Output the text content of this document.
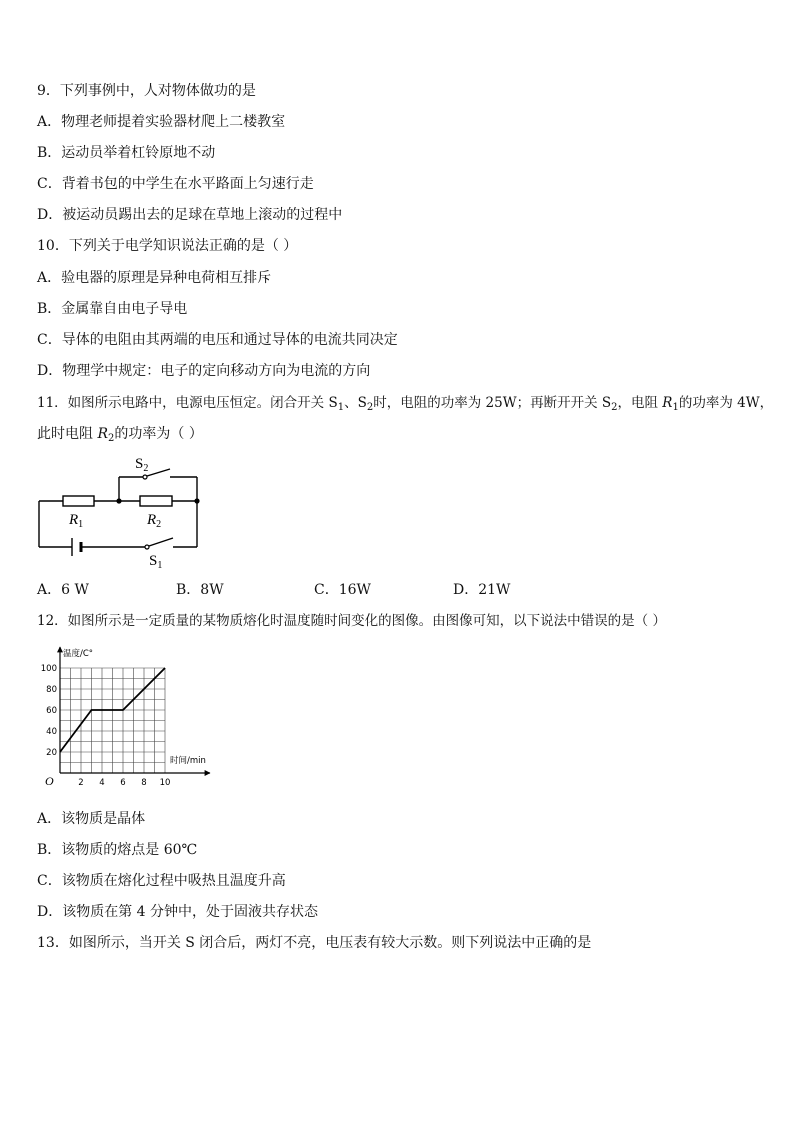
9．下列事例中，人对物体做功的是
A．物理老师提着实验器材爬上二楼教室
B．运动员举着杠铃原地不动
C．背着书包的中学生在水平路面上匀速行走
D．被运动员踢出去的足球在草地上滚动的过程中
10．下列关于电学知识说法正确的是（ ）
A．验电器的原理是异种电荷相互排斥
B．金属靠自由电子导电
C．导体的电阻由其两端的电压和通过导体的电流共同决定
D．物理学中规定：电子的定向移动方向为电流的方向
11．如图所示电路中，电源电压恒定。闭合开关 $S_1$、$S_2$时，电阻的功率为 25W；再断开开关 $S_2$，电阻 $R_1$的功率为 4W，
此时电阻 $R_2$的功率为（ ）
$S_2$
$R_1$	$R_2$
$S_1$
A．6 W	B．8W	C．16W	D．21W
12．如图所示是一定质量的某物质熔化时温度随时间变化的图像。由图像可知，以下说法中错误的是（ ）
2 4 6 8 10
20
40
60
80
100
温度/C°
时间/min
O
A．该物质是晶体
B．该物质的熔点是 60℃
C．该物质在熔化过程中吸热且温度升高
D．该物质在第 4 分钟中，处于固液共存状态
13．如图所示，当开关 S 闭合后，两灯不亮，电压表有较大示数。则下列说法中正确的是
